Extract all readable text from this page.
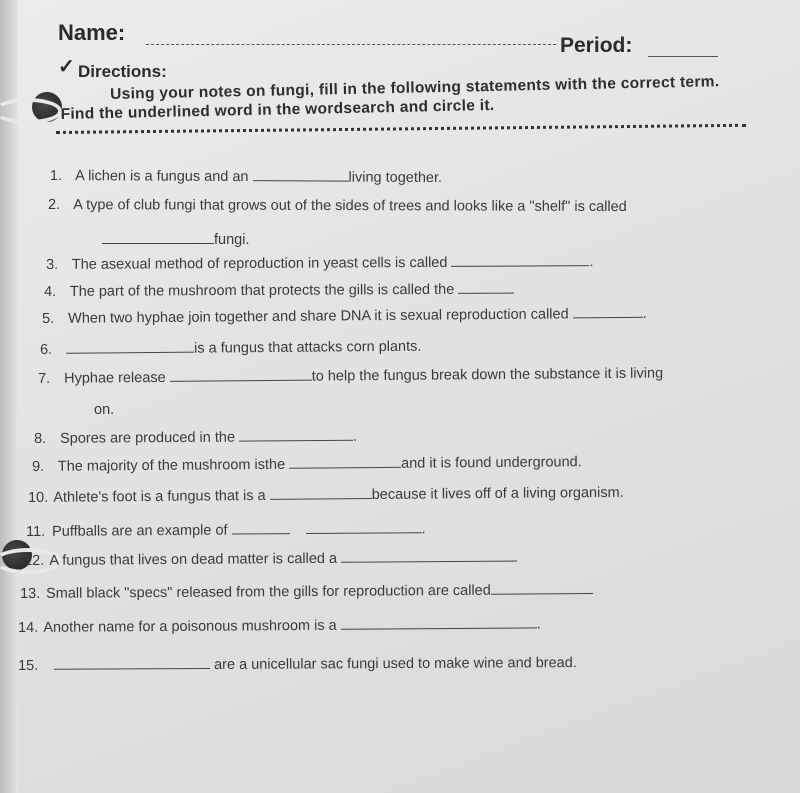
Name:
Period:
✓ Directions:
Using your notes on fungi, fill in the following statements with the correct term. Find the underlined word in the wordsearch and circle it.
1. A lichen is a fungus and an	living together.
2. A type of club fungi that grows out of the sides of trees and looks like a "shelf" is called
fungi.
3. The asexual method of reproduction in yeast cells is called	.
4. The part of the mushroom that protects the gills is called the
5. When two hyphae join together and share DNA it is sexual reproduction called	.
6.	is a fungus that attacks corn plants.
7. Hyphae release	to help the fungus break down the substance it is living
on.
8. Spores are produced in the	.
9. The majority of the mushroom isthe	and it is found underground.
10. Athlete's foot is a fungus that is a	because it lives off of a living organism.
11. Puffballs are an example of	.
12. A fungus that lives on dead matter is called a
13. Small black "specs" released from the gills for reproduction are called
14. Another name for a poisonous mushroom is a	.
15.	are a unicellular sac fungi used to make wine and bread.
